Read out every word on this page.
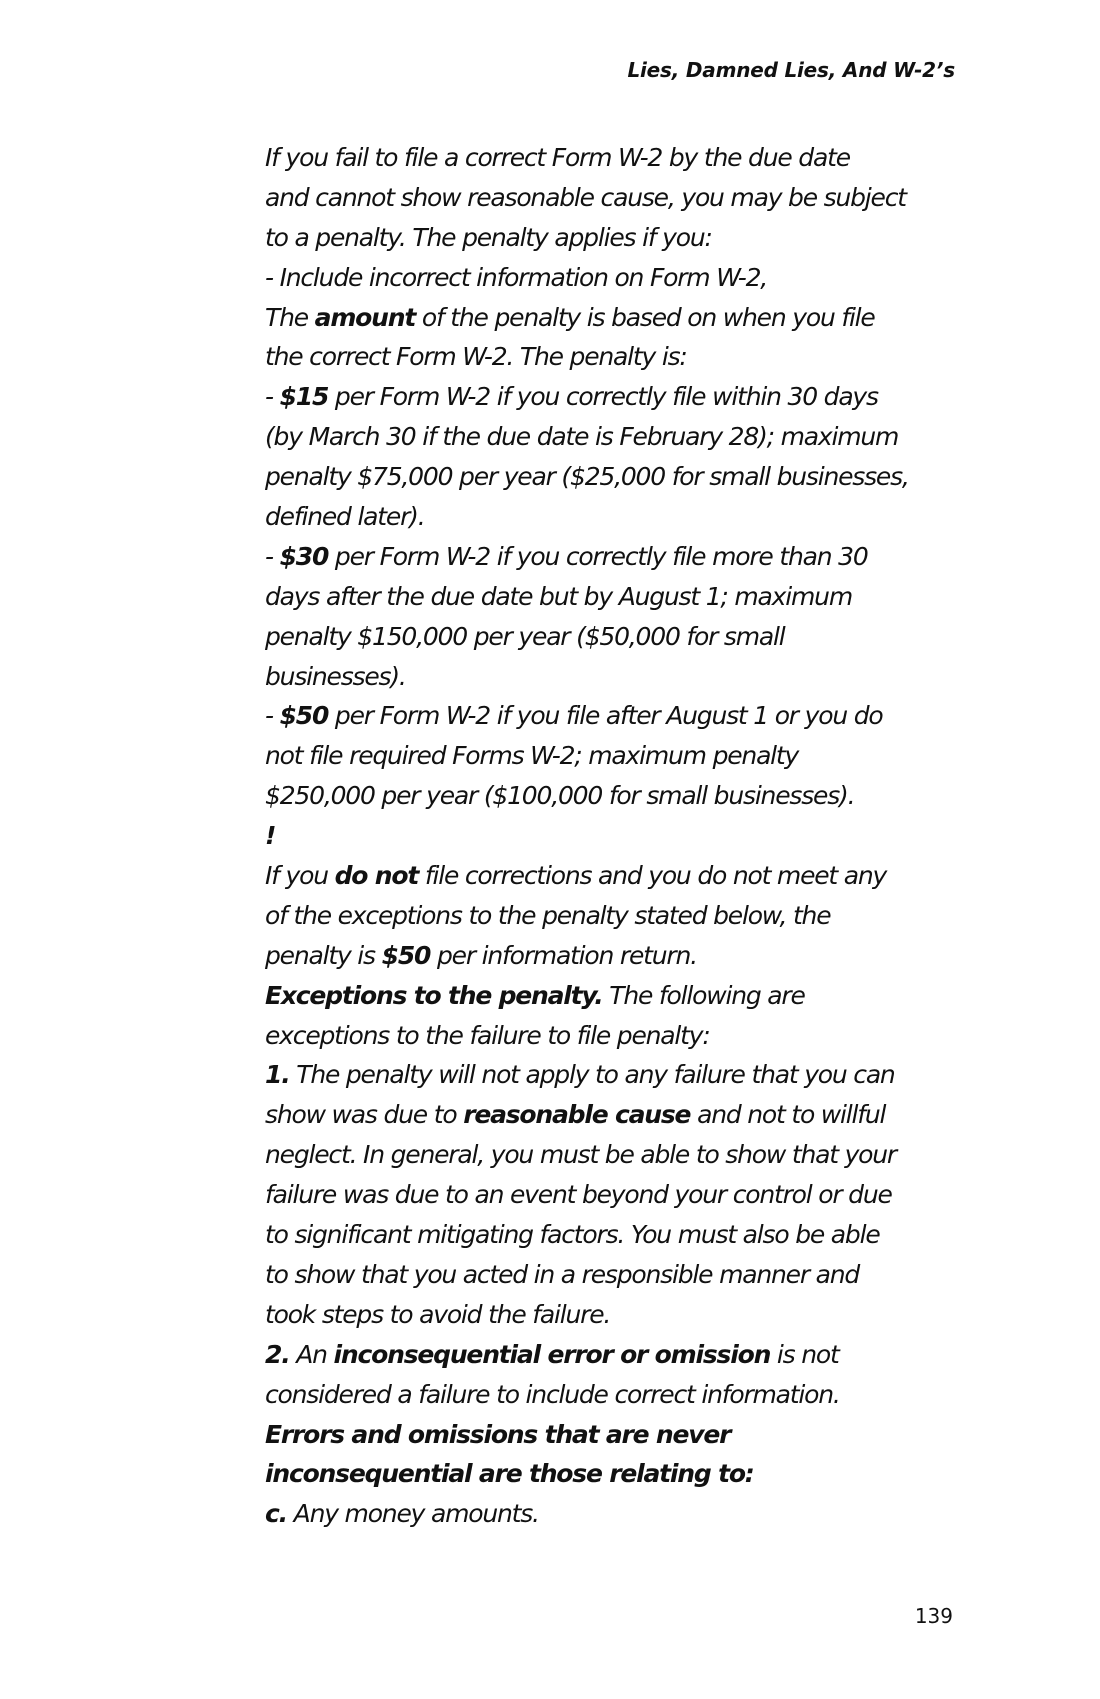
Lies, Damned Lies, And W-2’s
If you fail to file a correct Form W-2 by the due date
and cannot show reasonable cause, you may be subject
to a penalty. The penalty applies if you:
- Include incorrect information on Form W-2,
The amount of the penalty is based on when you file
the correct Form W-2. The penalty is:
- $15 per Form W-2 if you correctly file within 30 days
(by March 30 if the due date is February 28); maximum
penalty $75,000 per year ($25,000 for small businesses,
defined later).
- $30 per Form W-2 if you correctly file more than 30
days after the due date but by August 1; maximum
penalty $150,000 per year ($50,000 for small
businesses).
- $50 per Form W-2 if you file after August 1 or you do
not file required Forms W-2; maximum penalty
$250,000 per year ($100,000 for small businesses).
!
If you do not file corrections and you do not meet any
of the exceptions to the penalty stated below, the
penalty is $50 per information return.
Exceptions to the penalty. The following are
exceptions to the failure to file penalty:
1. The penalty will not apply to any failure that you can
show was due to reasonable cause and not to willful
neglect. In general, you must be able to show that your
failure was due to an event beyond your control or due
to significant mitigating factors. You must also be able
to show that you acted in a responsible manner and
took steps to avoid the failure.
2. An inconsequential error or omission is not
considered a failure to include correct information.
Errors and omissions that are never
inconsequential are those relating to:
c. Any money amounts.
139
